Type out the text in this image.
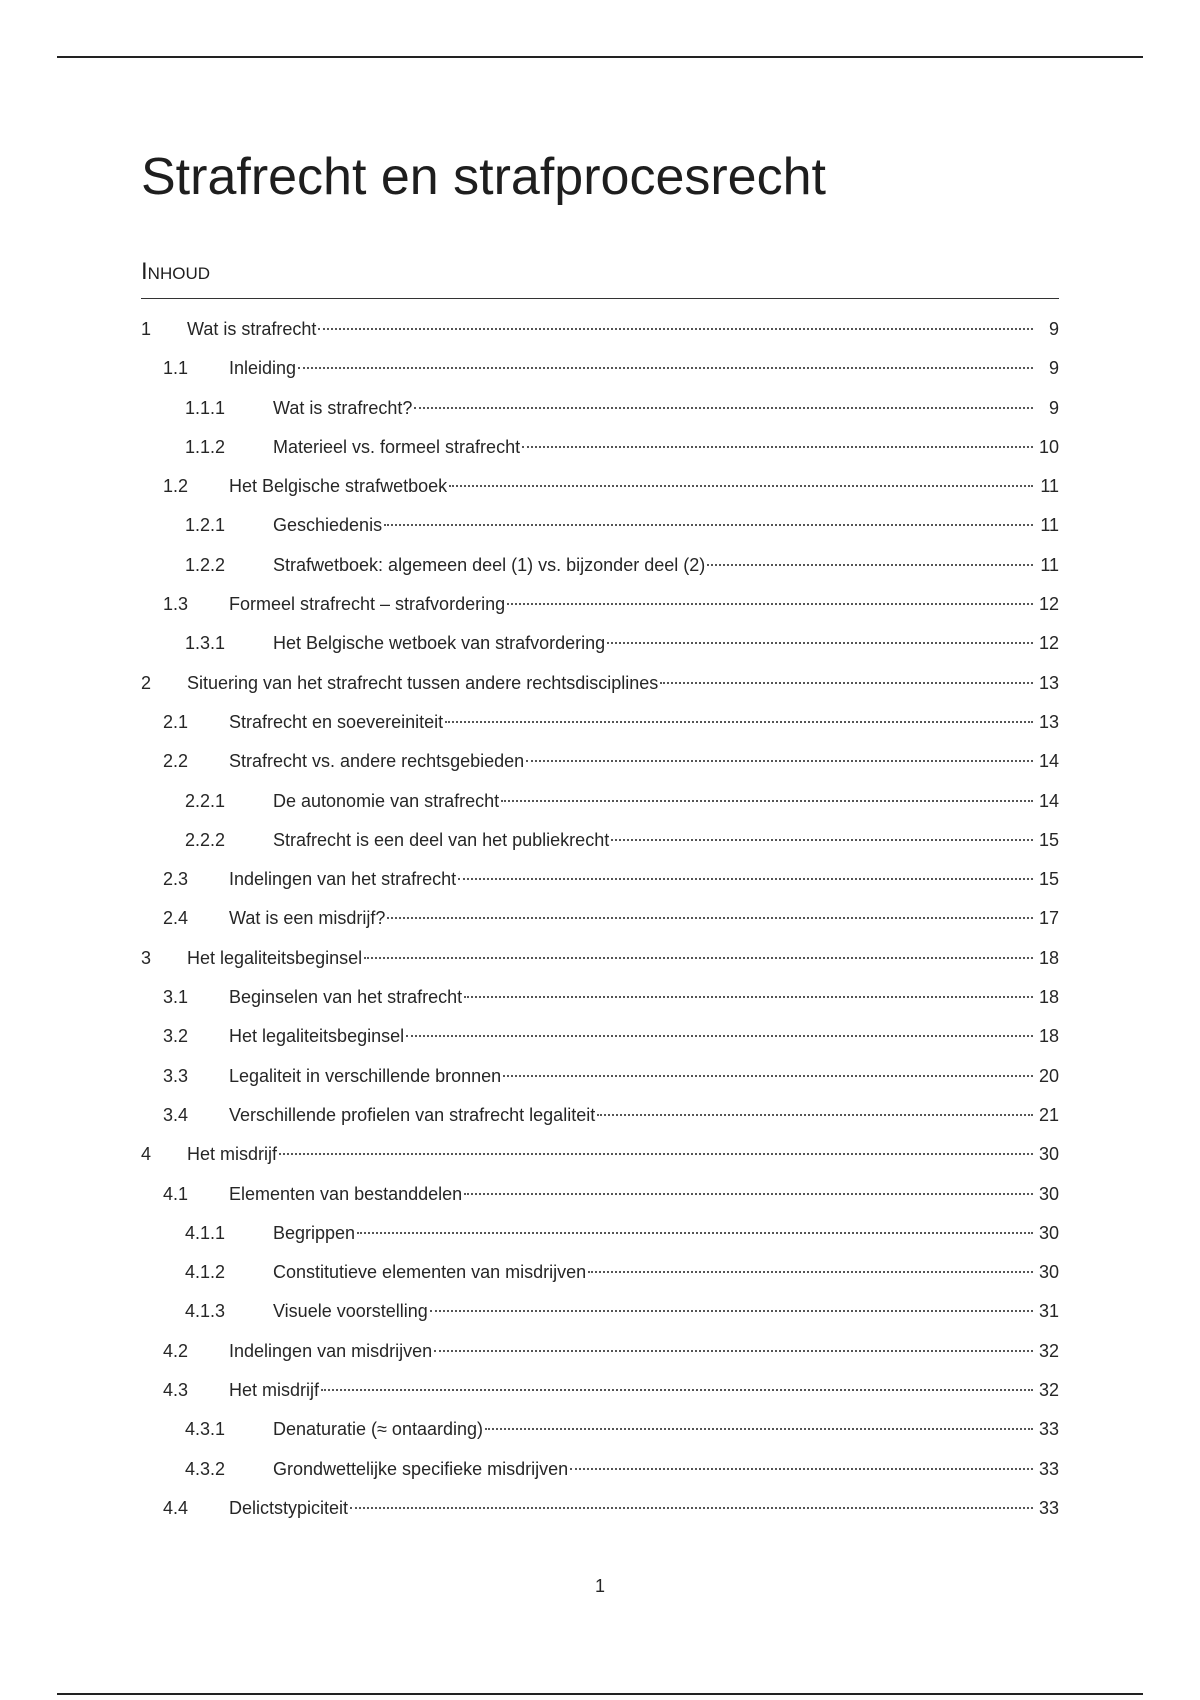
Strafrecht en strafprocesrecht
Inhoud
1	Wat is strafrecht	9
1.1	Inleiding	9
1.1.1	Wat is strafrecht?	9
1.1.2	Materieel vs. formeel strafrecht	10
1.2	Het Belgische strafwetboek	11
1.2.1	Geschiedenis	11
1.2.2	Strafwetboek: algemeen deel (1) vs. bijzonder deel (2)	11
1.3	Formeel strafrecht – strafvordering	12
1.3.1	Het Belgische wetboek van strafvordering	12
2	Situering van het strafrecht tussen andere rechtsdisciplines	13
2.1	Strafrecht en soevereiniteit	13
2.2	Strafrecht vs. andere rechtsgebieden	14
2.2.1	De autonomie van strafrecht	14
2.2.2	Strafrecht is een deel van het publiekrecht	15
2.3	Indelingen van het strafrecht	15
2.4	Wat is een misdrijf?	17
3	Het legaliteitsbeginsel	18
3.1	Beginselen van het strafrecht	18
3.2	Het legaliteitsbeginsel	18
3.3	Legaliteit in verschillende bronnen	20
3.4	Verschillende profielen van strafrecht legaliteit	21
4	Het misdrijf	30
4.1	Elementen van bestanddelen	30
4.1.1	Begrippen	30
4.1.2	Constitutieve elementen van misdrijven	30
4.1.3	Visuele voorstelling	31
4.2	Indelingen van misdrijven	32
4.3	Het misdrijf	32
4.3.1	Denaturatie (≈ ontaarding)	33
4.3.2	Grondwettelijke specifieke misdrijven	33
4.4	Delictstypiciteit	33
1
